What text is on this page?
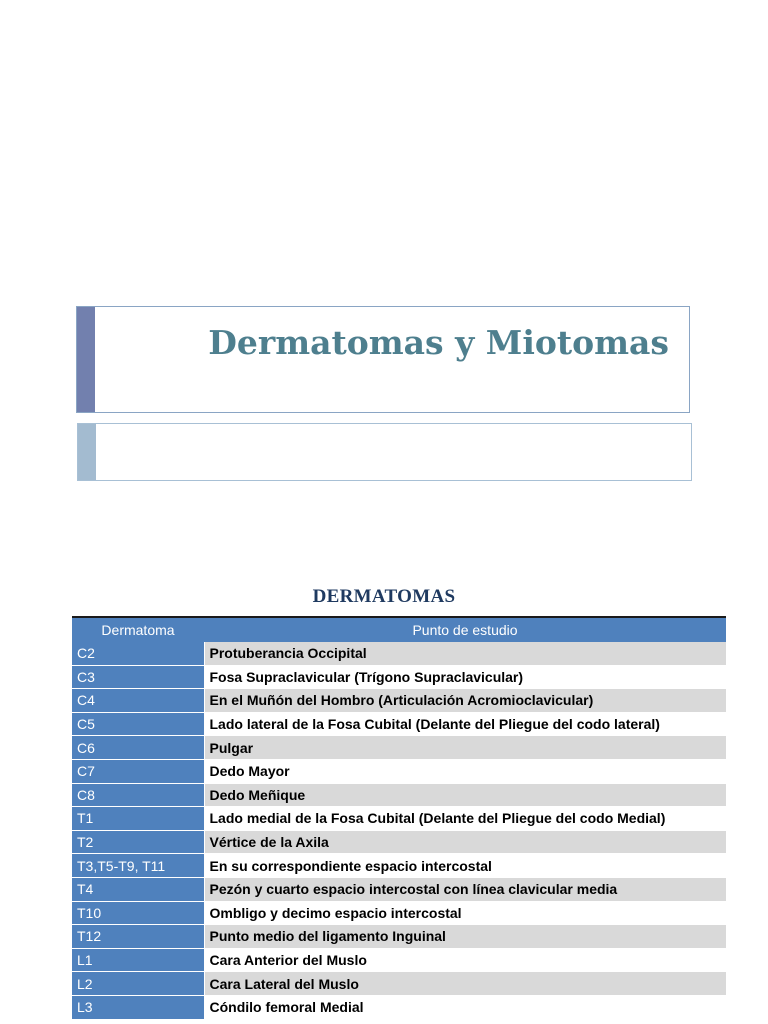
Dermatomas y Miotomas
DERMATOMAS
Dermatoma	Punto de estudio
C2	Protuberancia Occipital
C3	Fosa Supraclavicular (Trígono Supraclavicular)
C4	En el Muñón del Hombro (Articulación Acromioclavicular)
C5	Lado lateral de la Fosa Cubital (Delante del Pliegue del codo lateral)
C6	Pulgar
C7	Dedo Mayor
C8	Dedo Meñique
T1	Lado medial de la Fosa Cubital (Delante del Pliegue del codo Medial)
T2	Vértice de la Axila
T3,T5-T9, T11	En su correspondiente espacio intercostal
T4	Pezón y cuarto espacio intercostal con línea clavicular media
T10	Ombligo y decimo espacio intercostal
T12	Punto medio del ligamento Inguinal
L1	Cara Anterior del Muslo
L2	Cara Lateral del Muslo
L3	Cóndilo femoral Medial
